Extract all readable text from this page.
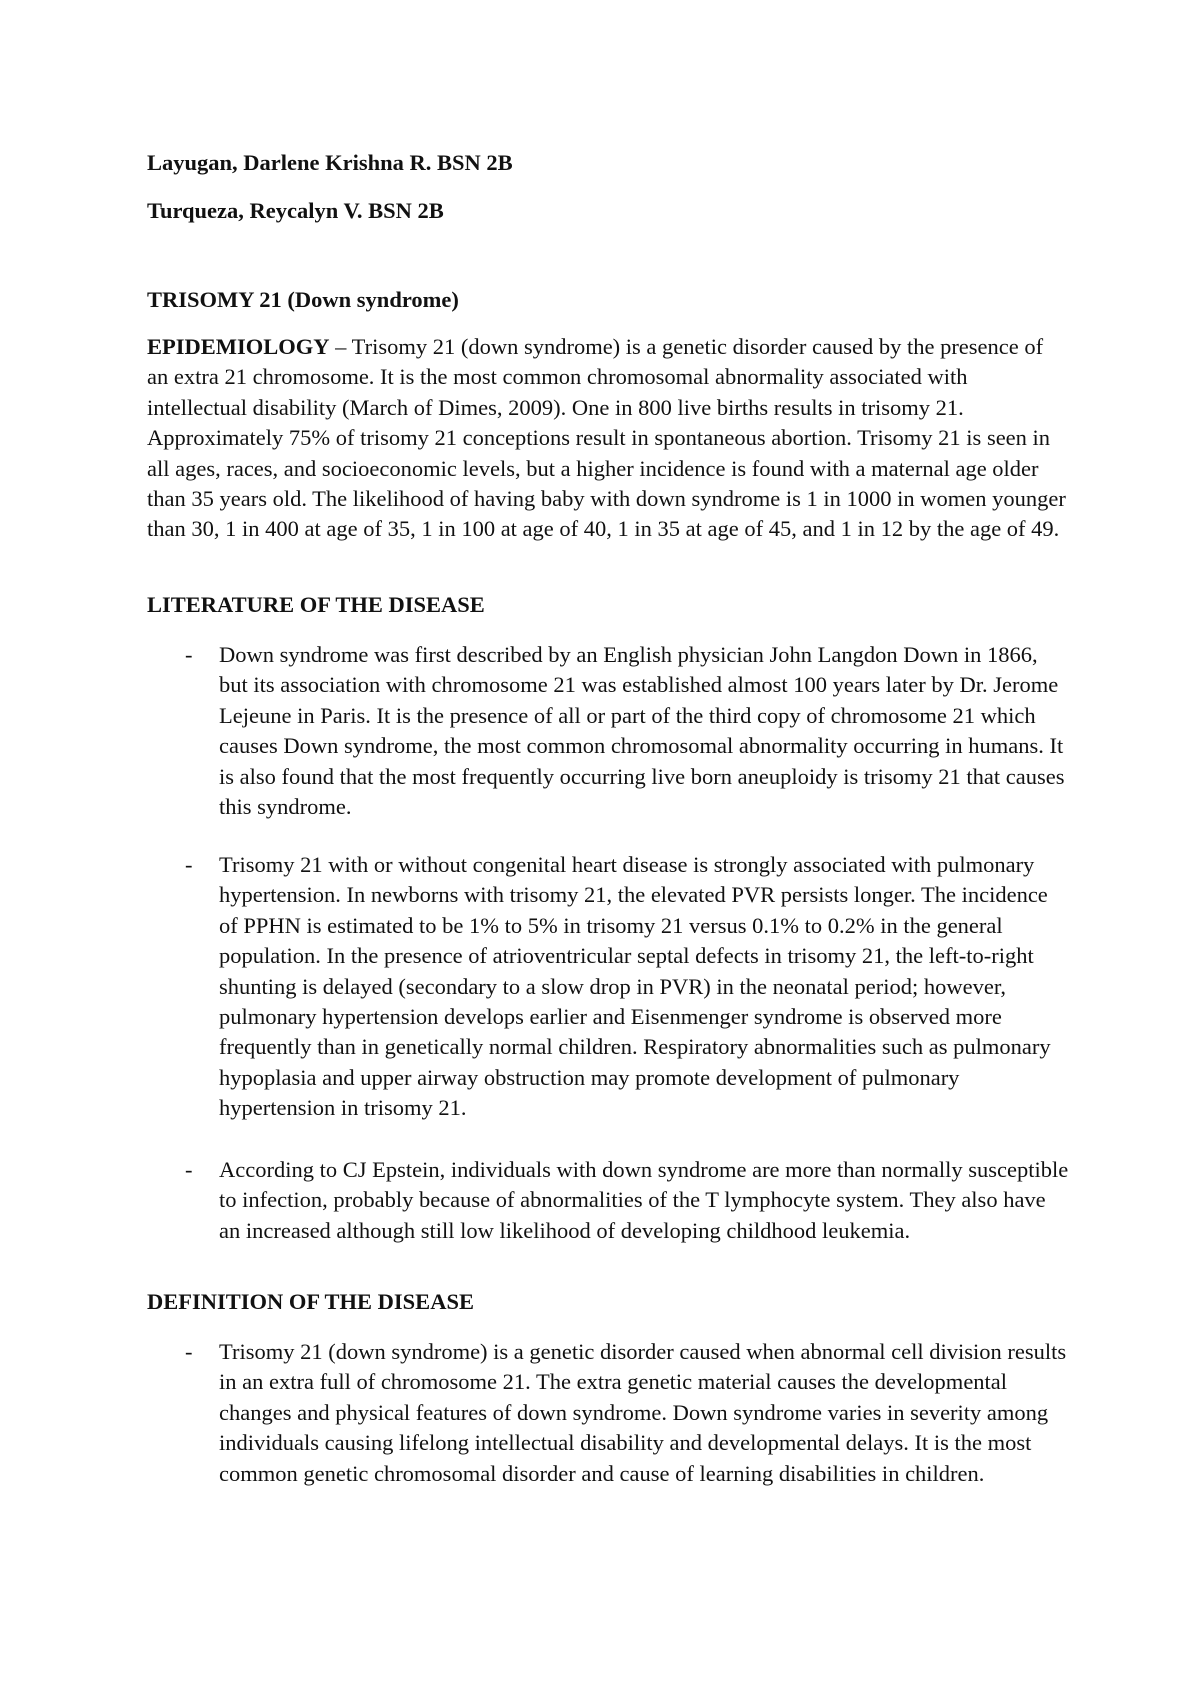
Layugan, Darlene Krishna R. BSN 2B

Turqueza, Reycalyn V. BSN 2B

TRISOMY 21 (Down syndrome)

EPIDEMIOLOGY – Trisomy 21 (down syndrome) is a genetic disorder caused by the presence of an extra 21 chromosome. It is the most common chromosomal abnormality associated with intellectual disability (March of Dimes, 2009). One in 800 live births results in trisomy 21. Approximately 75% of trisomy 21 conceptions result in spontaneous abortion. Trisomy 21 is seen in all ages, races, and socioeconomic levels, but a higher incidence is found with a maternal age older than 35 years old. The likelihood of having baby with down syndrome is 1 in 1000 in women younger than 30, 1 in 400 at age of 35, 1 in 100 at age of 40, 1 in 35 at age of 45, and 1 in 12 by the age of 49.

LITERATURE OF THE DISEASE

- Down syndrome was first described by an English physician John Langdon Down in 1866, but its association with chromosome 21 was established almost 100 years later by Dr. Jerome Lejeune in Paris. It is the presence of all or part of the third copy of chromosome 21 which causes Down syndrome, the most common chromosomal abnormality occurring in humans. It is also found that the most frequently occurring live born aneuploidy is trisomy 21 that causes this syndrome.

- Trisomy 21 with or without congenital heart disease is strongly associated with pulmonary hypertension. In newborns with trisomy 21, the elevated PVR persists longer. The incidence of PPHN is estimated to be 1% to 5% in trisomy 21 versus 0.1% to 0.2% in the general population. In the presence of atrioventricular septal defects in trisomy 21, the left-to-right shunting is delayed (secondary to a slow drop in PVR) in the neonatal period; however, pulmonary hypertension develops earlier and Eisenmenger syndrome is observed more frequently than in genetically normal children. Respiratory abnormalities such as pulmonary hypoplasia and upper airway obstruction may promote development of pulmonary hypertension in trisomy 21.

- According to CJ Epstein, individuals with down syndrome are more than normally susceptible to infection, probably because of abnormalities of the T lymphocyte system. They also have an increased although still low likelihood of developing childhood leukemia.

DEFINITION OF THE DISEASE

- Trisomy 21 (down syndrome) is a genetic disorder caused when abnormal cell division results in an extra full of chromosome 21. The extra genetic material causes the developmental changes and physical features of down syndrome. Down syndrome varies in severity among individuals causing lifelong intellectual disability and developmental delays. It is the most common genetic chromosomal disorder and cause of learning disabilities in children.
